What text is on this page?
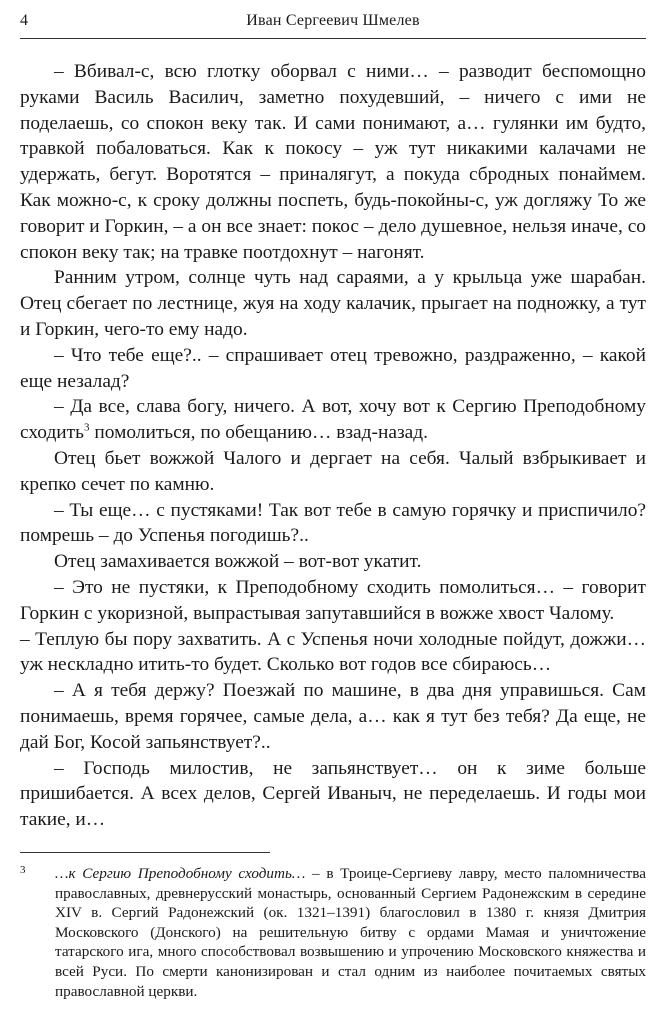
4	Иван Сергеевич Шмелев

– Вбивал-с, всю глотку оборвал с ними… – разводит беспомощно руками Василь Василич, заметно похудевший, – ничего с ими не поделаешь, со спокон веку так. И сами понимают, а… гулянки им будто, травкой побаловаться. Как к покосу – уж тут никакими калачами не удержать, бегут. Воротятся – приналягут, а покуда сбродных понаймем. Как можно-с, к сроку должны поспеть, будь-покойны-с, уж догляжу То же говорит и Горкин, – а он все знает: покос – дело душевное, нельзя иначе, со спокон веку так; на травке поотдохнут – нагонят.

Ранним утром, солнце чуть над сараями, а у крыльца уже шарабан. Отец сбегает по лестнице, жуя на ходу калачик, прыгает на подножку, а тут и Горкин, чего-то ему надо.

– Что тебе еще?.. – спрашивает отец тревожно, раздраженно, – какой еще незалад?

– Да все, слава богу, ничего. А вот, хочу вот к Сергию Преподобному сходить$^3$ помолиться, по обещанию… взад-назад.

Отец бьет вожжой Чалого и дергает на себя. Чалый взбрыкивает и крепко сечет по камню.

– Ты еще… с пустяками! Так вот тебе в самую горячку и приспичило? помрешь – до Успенья погодишь?..

Отец замахивается вожжой – вот-вот укатит.

– Это не пустяки, к Преподобному сходить помолиться… – говорит Горкин с укоризной, выпрастывая запутавшийся в вожже хвост Чалому.

– Теплую бы пору захватить. А с Успенья ночи холодные пойдут, дожжи… уж нескладно итить-то будет. Сколько вот годов все сбираюсь…

– А я тебя держу? Поезжай по машине, в два дня управишься. Сам понимаешь, время горячее, самые дела, а… как я тут без тебя? Да еще, не дай Бог, Косой запьянствует?..

– Господь милостив, не запьянствует… он к зиме больше пришибается. А всех делов, Сергей Иваныч, не переделаешь. И годы мои такие, и…

3 …к Сергию Преподобному сходить… – в Троице-Сергиеву лавру, место паломничества православных, древнерусский монастырь, основанный Сергием Радонежским в середине XIV в. Сергий Радонежский (ок. 1321–1391) благословил в 1380 г. князя Дмитрия Московского (Донского) на решительную битву с ордами Мамая и уничтожение татарского ига, много способствовал возвышению и упрочению Московского княжества и всей Руси. По смерти канонизирован и стал одним из наиболее почитаемых святых православной церкви.
